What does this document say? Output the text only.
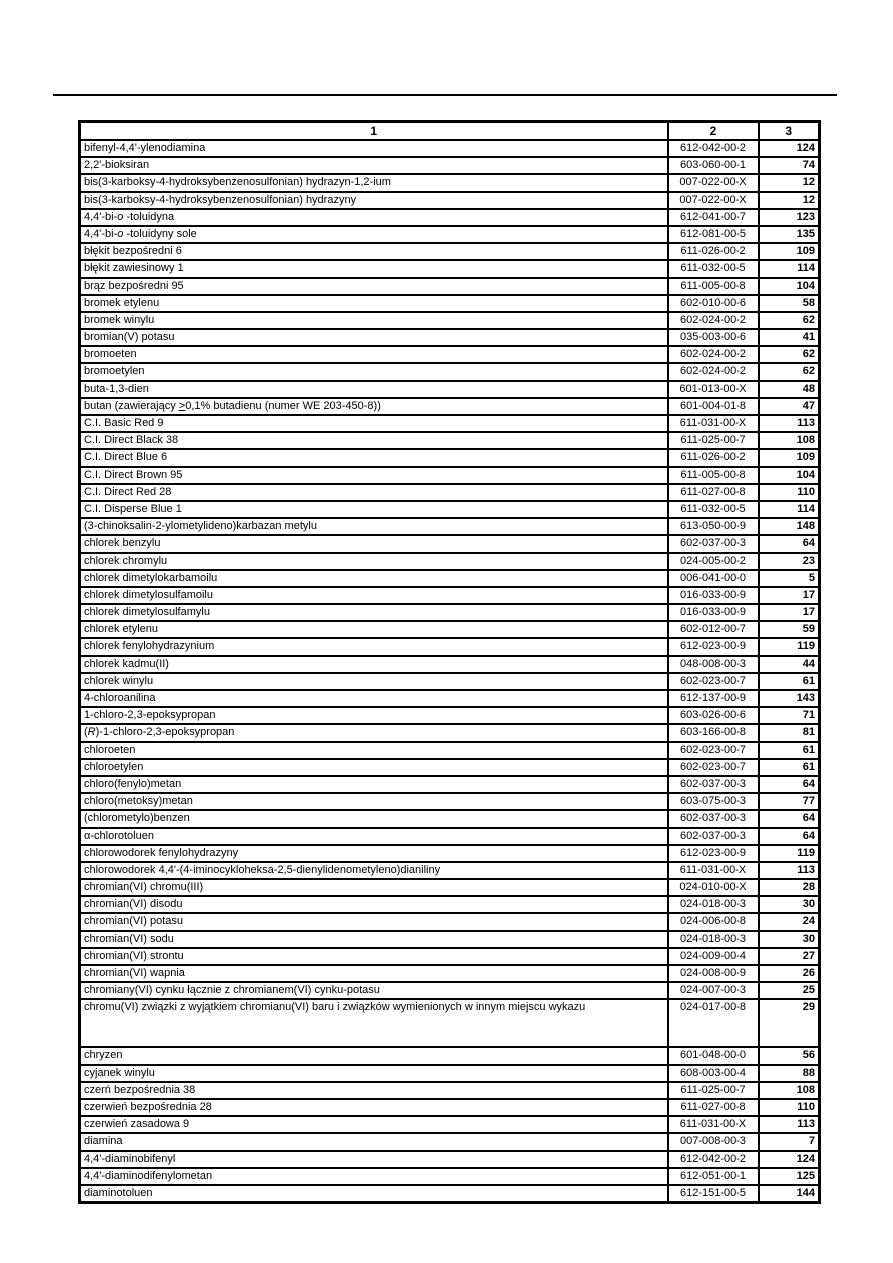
1	2	3
bifenyl-4,4'-ylenodiamina	612-042-00-2	124
2,2'-bioksiran	603-060-00-1	74
bis(3-karboksy-4-hydroksybenzenosulfonian) hydrazyn-1,2-ium	007-022-00-X	12
bis(3-karboksy-4-hydroksybenzenosulfonian) hydrazyny	007-022-00-X	12
4,4'-bi-o -toluidyna	612-041-00-7	123
4,4'-bi-o -toluidyny sole	612-081-00-5	135
błękit bezpośredni 6	611-026-00-2	109
błękit zawiesinowy 1	611-032-00-5	114
brąz bezpośredni 95	611-005-00-8	104
bromek etylenu	602-010-00-6	58
bromek winylu	602-024-00-2	62
bromian(V) potasu	035-003-00-6	41
bromoeten	602-024-00-2	62
bromoetylen	602-024-00-2	62
buta-1,3-dien	601-013-00-X	48
butan (zawierający >0,1% butadienu (numer WE 203-450-8))	601-004-01-8	47
C.I. Basic Red 9	611-031-00-X	113
C.I. Direct Black 38	611-025-00-7	108
C.I. Direct Blue 6	611-026-00-2	109
C.I. Direct Brown 95	611-005-00-8	104
C.I. Direct Red 28	611-027-00-8	110
C.I. Disperse Blue 1	611-032-00-5	114
(3-chinoksalin-2-ylometylideno)karbazan metylu	613-050-00-9	148
chlorek benzylu	602-037-00-3	64
chlorek chromylu	024-005-00-2	23
chlorek dimetylokarbamoilu	006-041-00-0	5
chlorek dimetylosulfamoilu	016-033-00-9	17
chlorek dimetylosulfamylu	016-033-00-9	17
chlorek etylenu	602-012-00-7	59
chlorek fenylohydrazynium	612-023-00-9	119
chlorek kadmu(II)	048-008-00-3	44
chlorek winylu	602-023-00-7	61
4-chloroanilina	612-137-00-9	143
1-chloro-2,3-epoksypropan	603-026-00-6	71
(R)-1-chloro-2,3-epoksypropan	603-166-00-8	81
chloroeten	602-023-00-7	61
chloroetylen	602-023-00-7	61
chloro(fenylo)metan	602-037-00-3	64
chloro(metoksy)metan	603-075-00-3	77
(chlorometylo)benzen	602-037-00-3	64
α-chlorotoluen	602-037-00-3	64
chlorowodorek fenylohydrazyny	612-023-00-9	119
chlorowodorek 4,4'-(4-iminocykloheksa-2,5-dienylidenometyleno)dianiliny	611-031-00-X	113
chromian(VI) chromu(III)	024-010-00-X	28
chromian(VI) disodu	024-018-00-3	30
chromian(VI) potasu	024-006-00-8	24
chromian(VI) sodu	024-018-00-3	30
chromian(VI) strontu	024-009-00-4	27
chromian(VI) wapnia	024-008-00-9	26
chromiany(VI) cynku łącznie z chromianem(VI) cynku-potasu	024-007-00-3	25
chromu(VI) związki z wyjątkiem chromianu(VI) baru i związków wymienionych w innym miejscu wykazu	024-017-00-8	29
chryzen	601-048-00-0	56
cyjanek winylu	608-003-00-4	88
czerń bezpośrednia 38	611-025-00-7	108
czerwień bezpośrednia 28	611-027-00-8	110
czerwień zasadowa 9	611-031-00-X	113
diamina	007-008-00-3	7
4,4'-diaminobifenyl	612-042-00-2	124
4,4'-diaminodifenylometan	612-051-00-1	125
diaminotoluen	612-151-00-5	144
